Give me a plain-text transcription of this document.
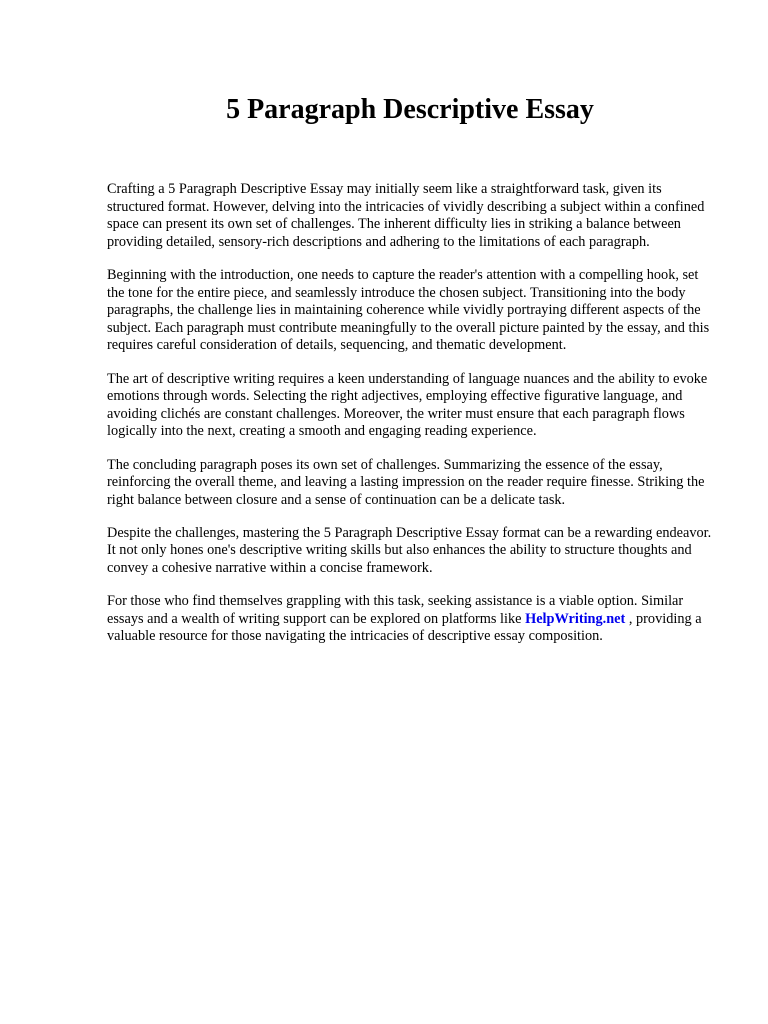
5 Paragraph Descriptive Essay

Crafting a 5 Paragraph Descriptive Essay may initially seem like a straightforward task, given its structured format. However, delving into the intricacies of vividly describing a subject within a confined space can present its own set of challenges. The inherent difficulty lies in striking a balance between providing detailed, sensory-rich descriptions and adhering to the limitations of each paragraph.

Beginning with the introduction, one needs to capture the reader's attention with a compelling hook, set the tone for the entire piece, and seamlessly introduce the chosen subject. Transitioning into the body paragraphs, the challenge lies in maintaining coherence while vividly portraying different aspects of the subject. Each paragraph must contribute meaningfully to the overall picture painted by the essay, and this requires careful consideration of details, sequencing, and thematic development.

The art of descriptive writing requires a keen understanding of language nuances and the ability to evoke emotions through words. Selecting the right adjectives, employing effective figurative language, and avoiding clichés are constant challenges. Moreover, the writer must ensure that each paragraph flows logically into the next, creating a smooth and engaging reading experience.

The concluding paragraph poses its own set of challenges. Summarizing the essence of the essay, reinforcing the overall theme, and leaving a lasting impression on the reader require finesse. Striking the right balance between closure and a sense of continuation can be a delicate task.

Despite the challenges, mastering the 5 Paragraph Descriptive Essay format can be a rewarding endeavor. It not only hones one's descriptive writing skills but also enhances the ability to structure thoughts and convey a cohesive narrative within a concise framework.

For those who find themselves grappling with this task, seeking assistance is a viable option. Similar essays and a wealth of writing support can be explored on platforms like HelpWriting.net , providing a valuable resource for those navigating the intricacies of descriptive essay composition.
